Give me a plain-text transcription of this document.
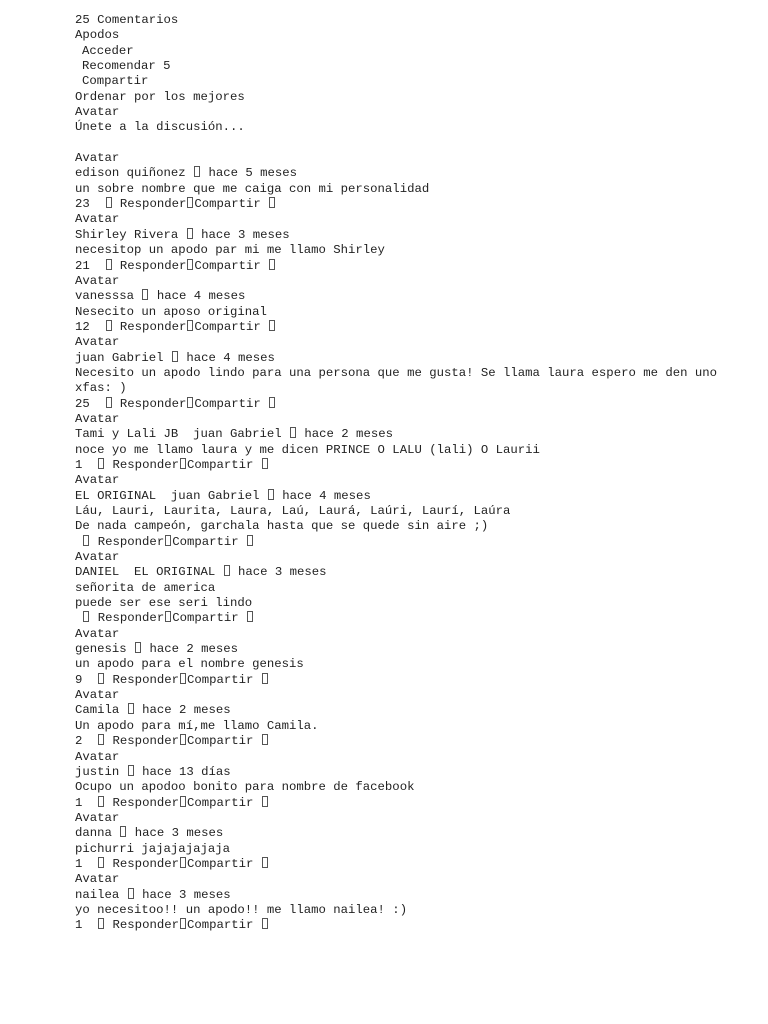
25 Comentarios
Apodos
Acceder
Recomendar 5
Compartir
Ordenar por los mejores
Avatar
Únete a la discusión...
Avatar
edison quiñonez hace 5 meses
un sobre nombre que me caiga con mi personalidad
23 Responder Compartir
Avatar
Shirley Rivera hace 3 meses
necesitop un apodo par mi me llamo Shirley
21 Responder Compartir
Avatar
vanesssa hace 4 meses
Nesecito un aposo original
12 Responder Compartir
Avatar
juan Gabriel hace 4 meses
Necesito un apodo lindo para una persona que me gusta! Se llama laura espero me den uno xfas: )
25 Responder Compartir
Avatar
Tami y Lali JB  juan Gabriel hace 2 meses
noce yo me llamo laura y me dicen PRINCE O LALU (lali) O Laurii
1 Responder Compartir
Avatar
EL ORIGINAL  juan Gabriel hace 4 meses
Láu, Lauri, Laurita, Laura, Laú, Laurá, Laúri, Laurí, Laúra
De nada campeón, garchala hasta que se quede sin aire ;)
Responder Compartir
Avatar
DANIEL  EL ORIGINAL hace 3 meses
señorita de america
puede ser ese seri lindo
Responder Compartir
Avatar
genesis hace 2 meses
un apodo para el nombre genesis
9 Responder Compartir
Avatar
Camila hace 2 meses
Un apodo para mí,me llamo Camila.
2 Responder Compartir
Avatar
justin hace 13 días
Ocupo un apodoo bonito para nombre de facebook
1 Responder Compartir
Avatar
danna hace 3 meses
pichurri jajajajajaja
1 Responder Compartir
Avatar
nailea hace 3 meses
yo necesitoo!! un apodo!! me llamo nailea! :)
1 Responder Compartir
